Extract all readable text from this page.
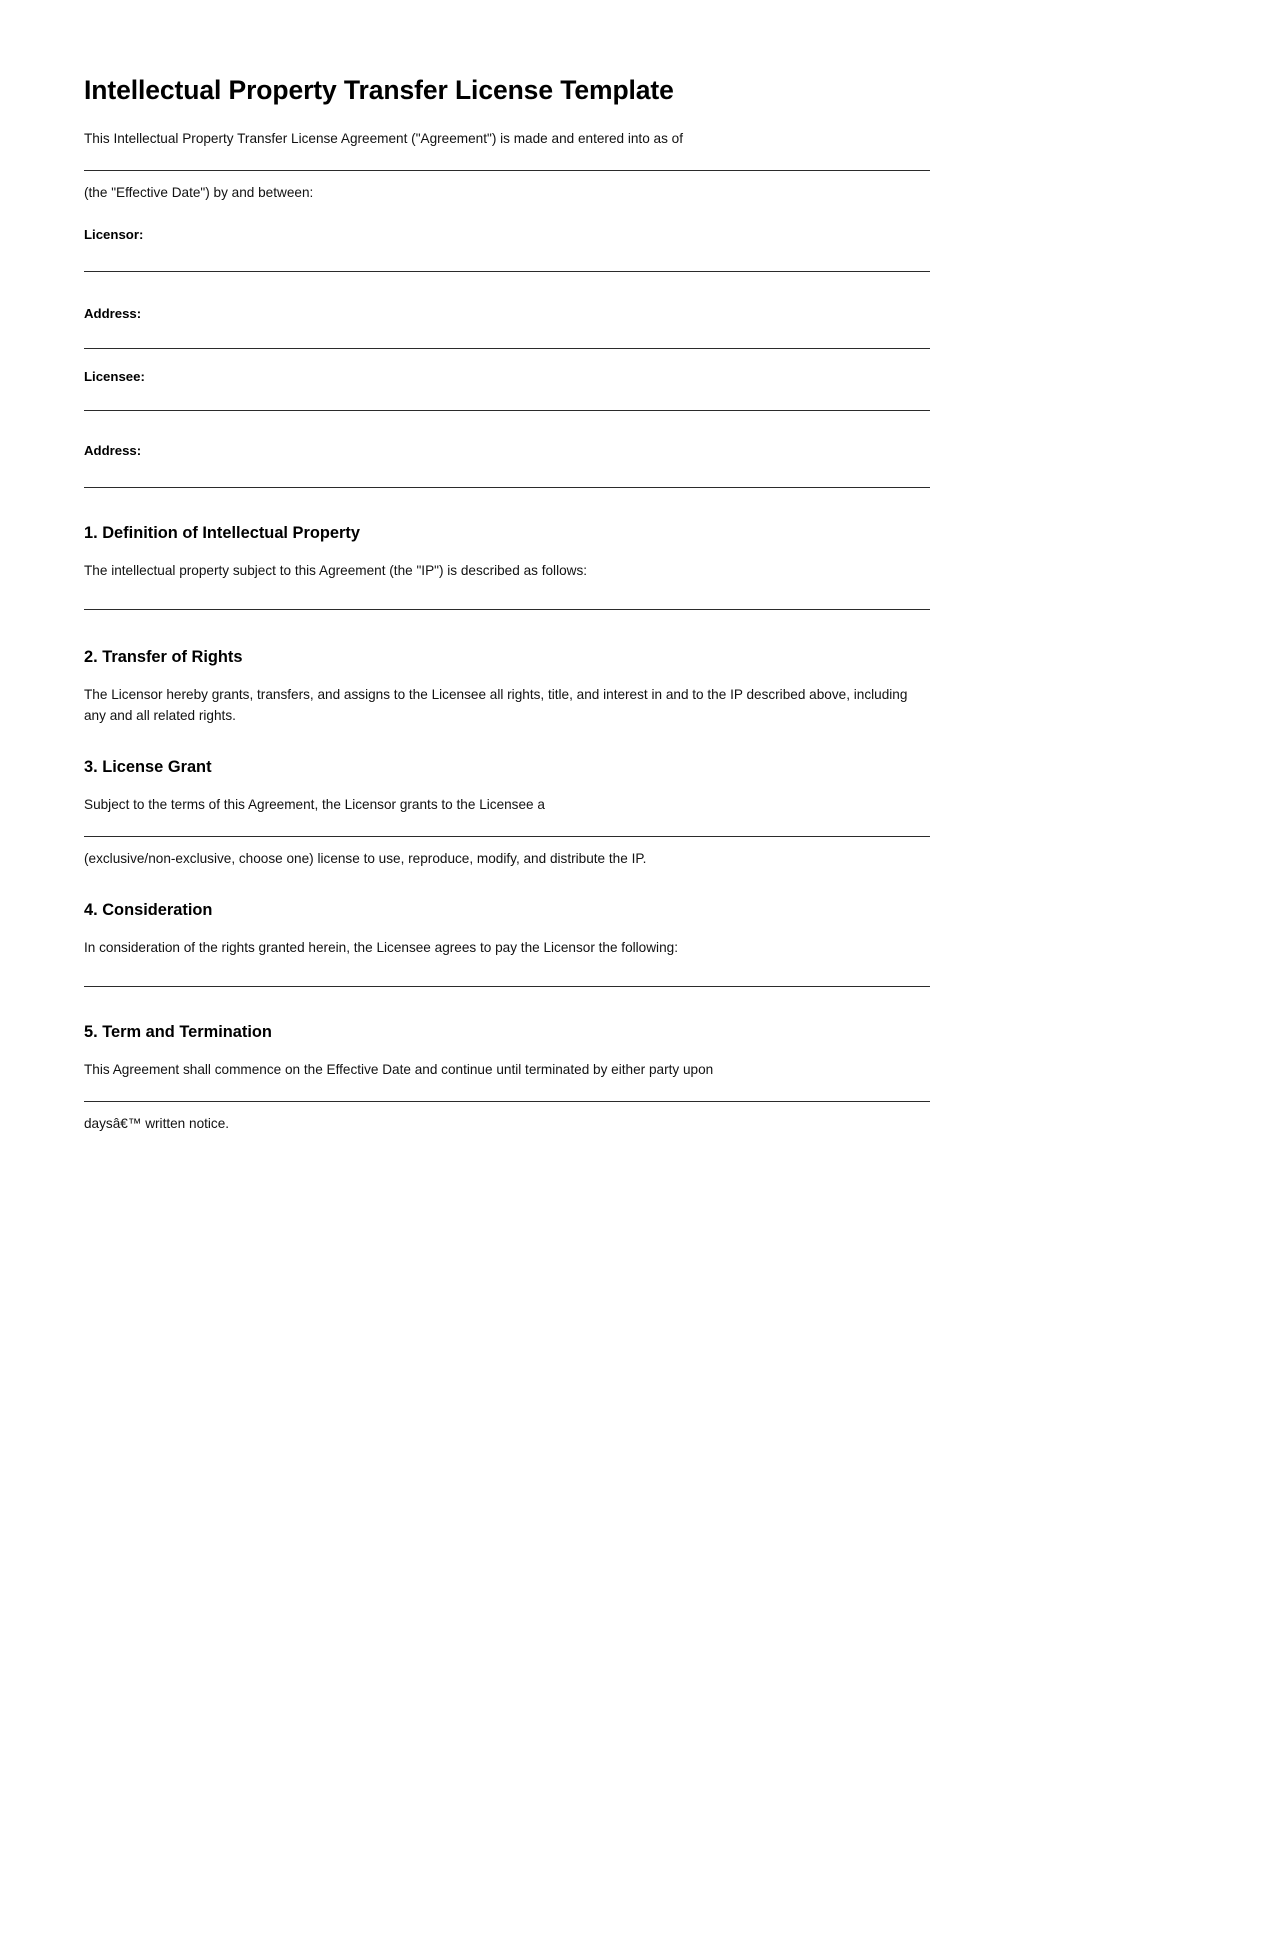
Intellectual Property Transfer License Template

This Intellectual Property Transfer License Agreement ("Agreement") is made and entered into as of

(the "Effective Date") by and between:

Licensor:

Address:

Licensee:

Address:

1. Definition of Intellectual Property

The intellectual property subject to this Agreement (the "IP") is described as follows:

2. Transfer of Rights

The Licensor hereby grants, transfers, and assigns to the Licensee all rights, title, and interest in and to the IP described above, including any and all related rights.

3. License Grant

Subject to the terms of this Agreement, the Licensor grants to the Licensee a

(exclusive/non-exclusive, choose one) license to use, reproduce, modify, and distribute the IP.

4. Consideration

In consideration of the rights granted herein, the Licensee agrees to pay the Licensor the following:

5. Term and Termination

This Agreement shall commence on the Effective Date and continue until terminated by either party upon

daysâ€™ written notice.
